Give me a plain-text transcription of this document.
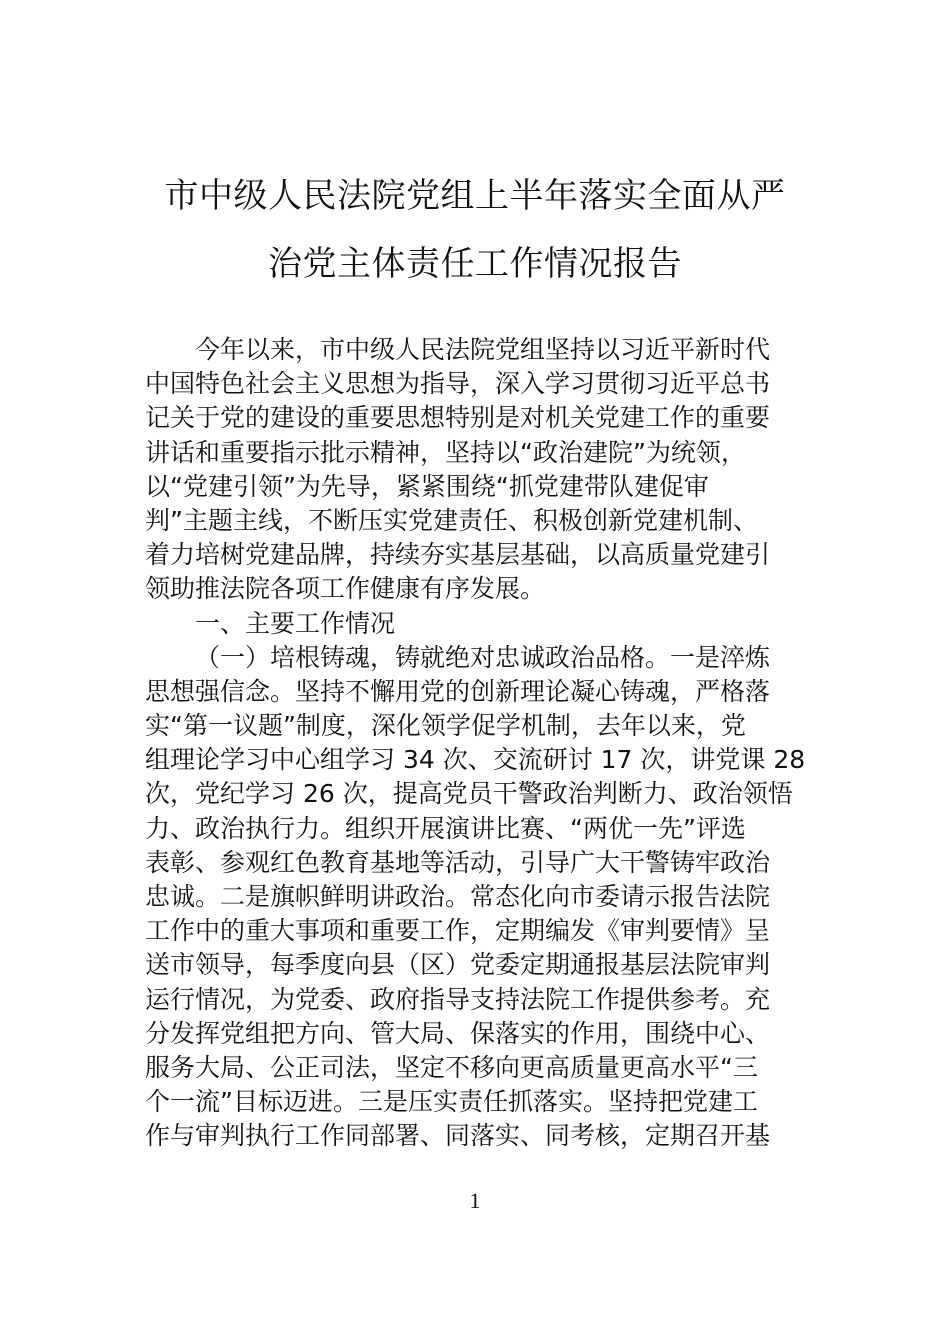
市中级人民法院党组上半年落实全面从严
治党主体责任工作情况报告
今年以来，市中级人民法院党组坚持以习近平新时代
中国特色社会主义思想为指导，深入学习贯彻习近平总书
记关于党的建设的重要思想特别是对机关党建工作的重要
讲话和重要指示批示精神，坚持以“政治建院”为统领，
以“党建引领”为先导，紧紧围绕“抓党建带队建促审
判”主题主线，不断压实党建责任、积极创新党建机制、
着力培树党建品牌，持续夯实基层基础，以高质量党建引
领助推法院各项工作健康有序发展。
一、主要工作情况
（一）培根铸魂，铸就绝对忠诚政治品格。一是淬炼
思想强信念。坚持不懈用党的创新理论凝心铸魂，严格落
实“第一议题”制度，深化领学促学机制，去年以来，党
组理论学习中心组学习 34 次、交流研讨 17 次，讲党课 28
次，党纪学习 26 次，提高党员干警政治判断力、政治领悟
力、政治执行力。组织开展演讲比赛、“两优一先”评选
表彰、参观红色教育基地等活动，引导广大干警铸牢政治
忠诚。二是旗帜鲜明讲政治。常态化向市委请示报告法院
工作中的重大事项和重要工作，定期编发《审判要情》呈
送市领导，每季度向县（区）党委定期通报基层法院审判
运行情况，为党委、政府指导支持法院工作提供参考。充
分发挥党组把方向、管大局、保落实的作用，围绕中心、
服务大局、公正司法，坚定不移向更高质量更高水平“三
个一流”目标迈进。三是压实责任抓落实。坚持把党建工
作与审判执行工作同部署、同落实、同考核，定期召开基
1
